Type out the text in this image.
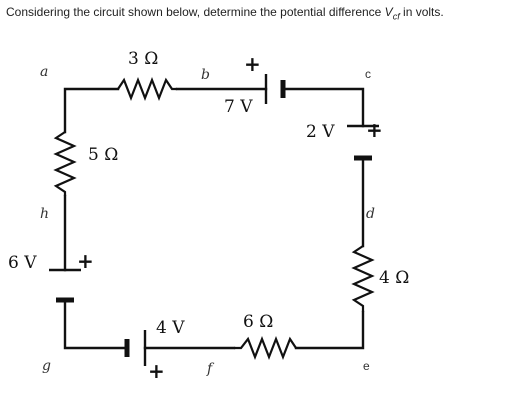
Considering the circuit shown below, determine the potential difference $V_{cf}$ in volts.
3 Ω
5 Ω
4 Ω
6 Ω
7 V
+
2 V +
6 V +
4 V
+
a	b	c
d
e
f
g
h
